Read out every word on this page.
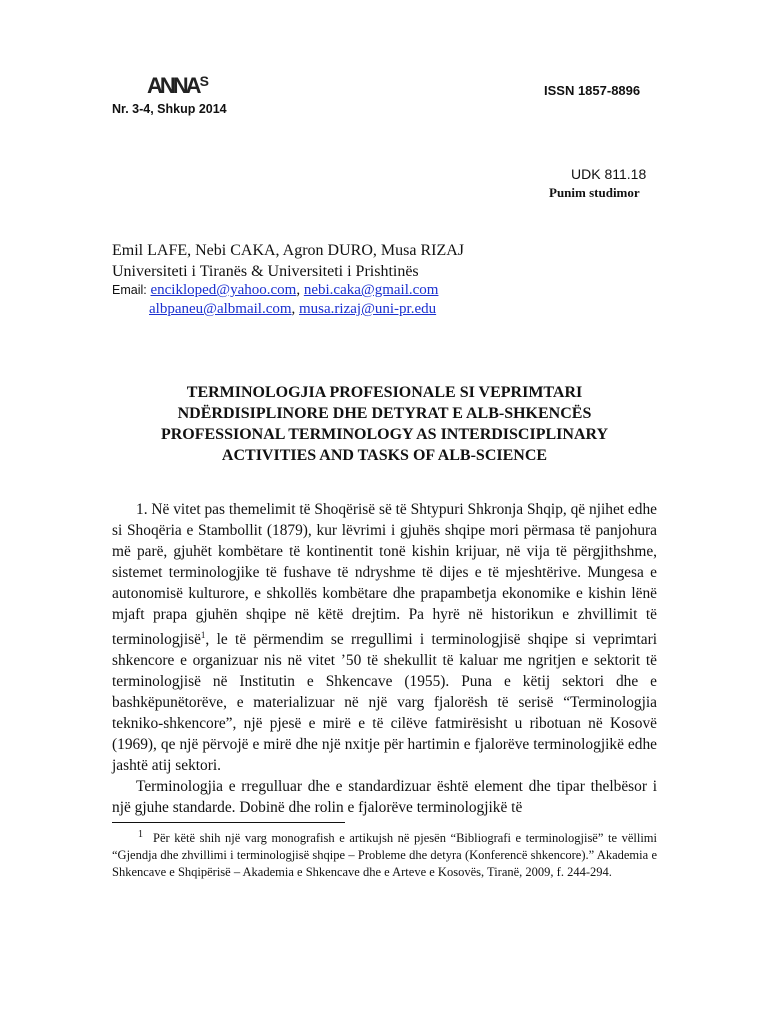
$ANNA^S$
Nr. 3-4, Shkup 2014
ISSN 1857-8896
UDK 811.18
Punim studimor
Emil LAFE, Nebi CAKA, Agron DURO, Musa RIZAJ
Universiteti i Tiranës & Universiteti i Prishtinës
Email: encikloped@yahoo.com, nebi.caka@gmail.com
albpaneu@albmail.com, musa.rizaj@uni-pr.edu
TERMINOLOGJIA PROFESIONALE SI VEPRIMTARI
NDËRDISIPLINORE DHE DETYRAT E ALB-SHKENCËS
PROFESSIONAL TERMINOLOGY AS INTERDISCIPLINARY
ACTIVITIES AND TASKS OF ALB-SCIENCE

1. Në vitet pas themelimit të Shoqërisë së të Shtypuri Shkronja Shqip, që njihet edhe si Shoqëria e Stambollit (1879), kur lëvrimi i gjuhës shqipe mori përmasa të panjohura më parë, gjuhët kombëtare të kontinentit tonë kishin krijuar, në vija të përgjithshme, sistemet terminologjike të fushave të ndryshme të dijes e të mjeshtërive. Mungesa e autonomisë kulturore, e shkollës kombëtare dhe prapambetja ekonomike e kishin lënë mjaft prapa gjuhën shqipe në këtë drejtim. Pa hyrë në historikun e zhvillimit të terminologjisë$^1$, le të përmendim se rregullimi i terminologjisë shqipe si veprimtari shkencore e organizuar nis në vitet ’50 të shekullit të kaluar me ngritjen e sektorit të terminologjisë në Institutin e Shkencave (1955). Puna e këtij sektori dhe e bashkëpunëtorëve, e materializuar në një varg fjalorësh të serisë “Terminologjia tekniko-shkencore”, një pjesë e mirë e të cilëve fatmirësisht u ribotuan në Kosovë (1969), qe një përvojë e mirë dhe një nxitje për hartimin e fjalorëve terminologjikë edhe jashtë atij sektori.

Terminologjia e rregulluar dhe e standardizuar është element dhe tipar thelbësor i një gjuhe standarde. Dobinë dhe rolin e fjalorëve terminologjikë të

$^1$ Për këtë shih një varg monografish e artikujsh në pjesën “Bibliografi e terminologjisë” te vëllimi “Gjendja dhe zhvillimi i terminologjisë shqipe – Probleme dhe detyra (Konferencë shkencore).” Akademia e Shkencave e Shqipërisë – Akademia e Shkencave dhe e Arteve e Kosovës, Tiranë, 2009, f. 244-294.
